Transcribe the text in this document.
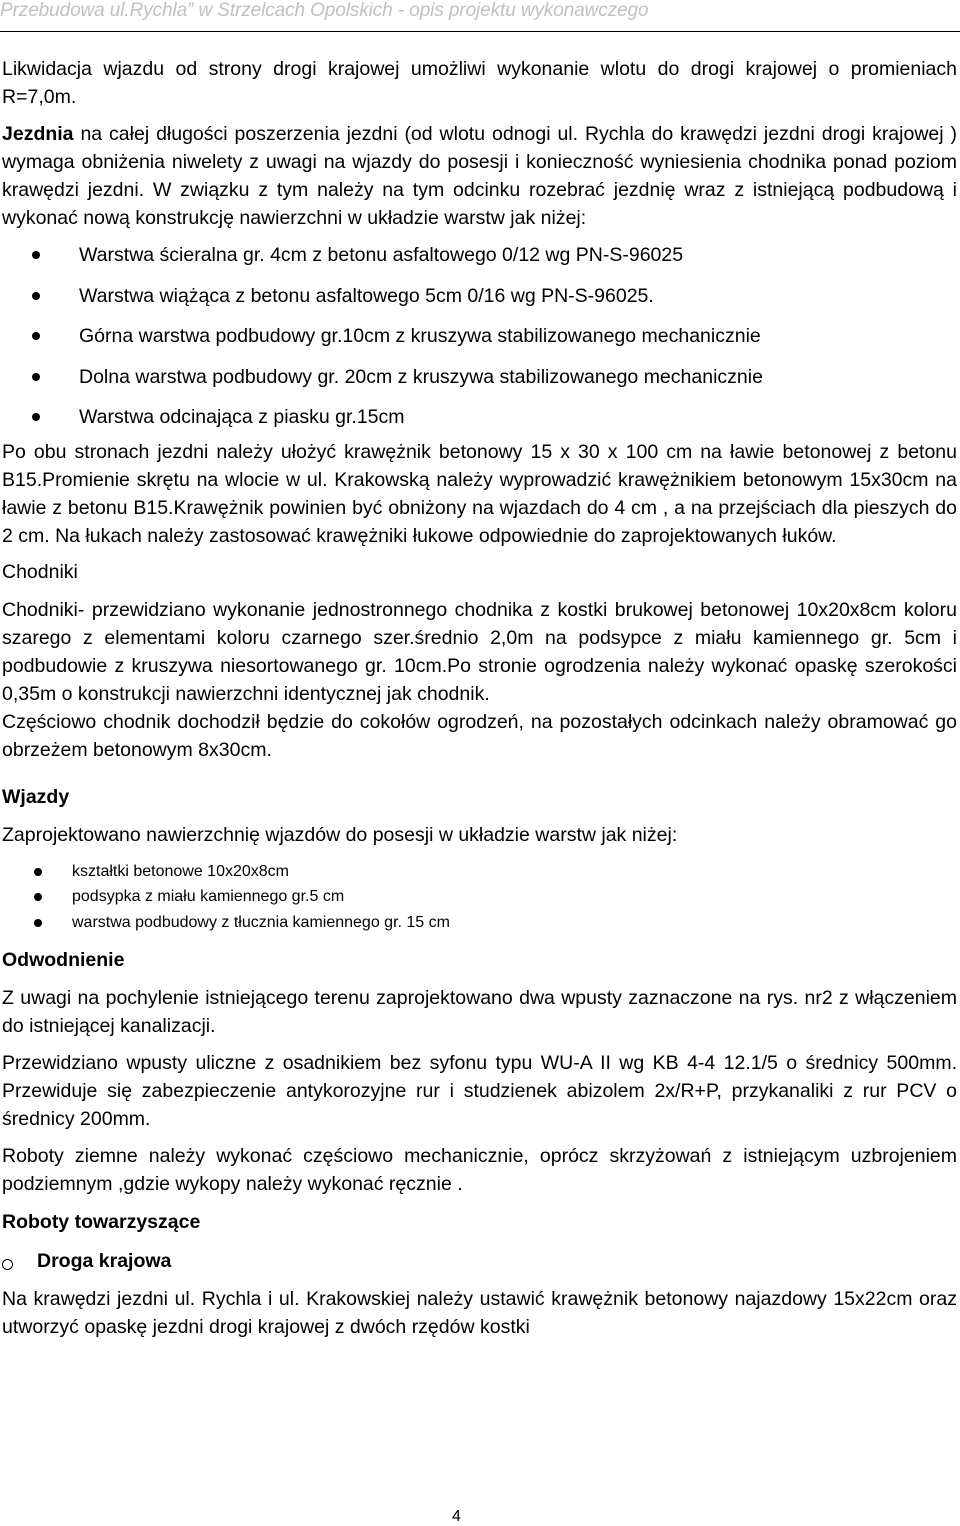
Przebudowa ul.Rychla” w Strzelcach Opolskich - opis projektu wykonawczego

Likwidacja wjazdu od strony drogi krajowej umożliwi wykonanie wlotu do drogi krajowej o promieniach R=7,0m.

Jezdnia na całej długości poszerzenia jezdni (od wlotu odnogi ul. Rychla do krawędzi jezdni drogi krajowej ) wymaga obniżenia niwelety z uwagi na wjazdy do posesji i konieczność wyniesienia chodnika ponad poziom krawędzi jezdni. W związku z tym należy na tym odcinku rozebrać jezdnię wraz z istniejącą podbudową i wykonać nową konstrukcję nawierzchni w układzie warstw jak niżej:

Warstwa ścieralna gr. 4cm z betonu asfaltowego 0/12 wg PN-S-96025
Warstwa wiążąca z betonu asfaltowego 5cm 0/16 wg PN-S-96025.
Górna warstwa podbudowy gr.10cm z kruszywa stabilizowanego mechanicznie
Dolna warstwa podbudowy gr. 20cm z kruszywa stabilizowanego mechanicznie
Warstwa odcinająca z piasku gr.15cm

Po obu stronach jezdni należy ułożyć krawężnik betonowy 15 x 30 x 100 cm na ławie betonowej z betonu B15.Promienie skrętu na wlocie w ul. Krakowską należy wyprowadzić krawężnikiem betonowym 15x30cm na ławie z betonu B15.Krawężnik powinien być obniżony na wjazdach do 4 cm , a na przejściach dla pieszych do 2 cm. Na łukach należy zastosować krawężniki łukowe odpowiednie do zaprojektowanych łuków.

Chodniki

Chodniki- przewidziano wykonanie jednostronnego chodnika z kostki brukowej betonowej 10x20x8cm koloru szarego z elementami koloru czarnego szer.średnio 2,0m na podsypce z miału kamiennego gr. 5cm i podbudowie z kruszywa niesortowanego gr. 10cm.Po stronie ogrodzenia należy wykonać opaskę szerokości 0,35m o konstrukcji nawierzchni identycznej jak chodnik.

Częściowo chodnik dochodził będzie do cokołów ogrodzeń, na pozostałych odcinkach należy obramować go obrzeżem betonowym 8x30cm.

Wjazdy

Zaprojektowano nawierzchnię wjazdów do posesji w układzie warstw jak niżej:

kształtki betonowe 10x20x8cm
podsypka z miału kamiennego gr.5 cm
warstwa podbudowy z tłucznia kamiennego gr. 15 cm
Odwodnienie

Z uwagi na pochylenie istniejącego terenu zaprojektowano dwa wpusty zaznaczone na rys. nr2 z włączeniem do istniejącej kanalizacji.

Przewidziano wpusty uliczne z osadnikiem bez syfonu typu WU-A II wg KB 4-4 12.1/5 o średnicy 500mm. Przewiduje się zabezpieczenie antykorozyjne rur i studzienek abizolem 2x/R+P, przykanaliki z rur PCV o średnicy 200mm.

Roboty ziemne należy wykonać częściowo mechanicznie, oprócz skrzyżowań z istniejącym uzbrojeniem podziemnym ,gdzie wykopy należy wykonać ręcznie .

Roboty towarzyszące
Droga krajowa

Na krawędzi jezdni ul. Rychla i ul. Krakowskiej należy ustawić krawężnik betonowy najazdowy 15x22cm oraz utworzyć opaskę jezdni drogi krajowej z dwóch rzędów kostki

4
